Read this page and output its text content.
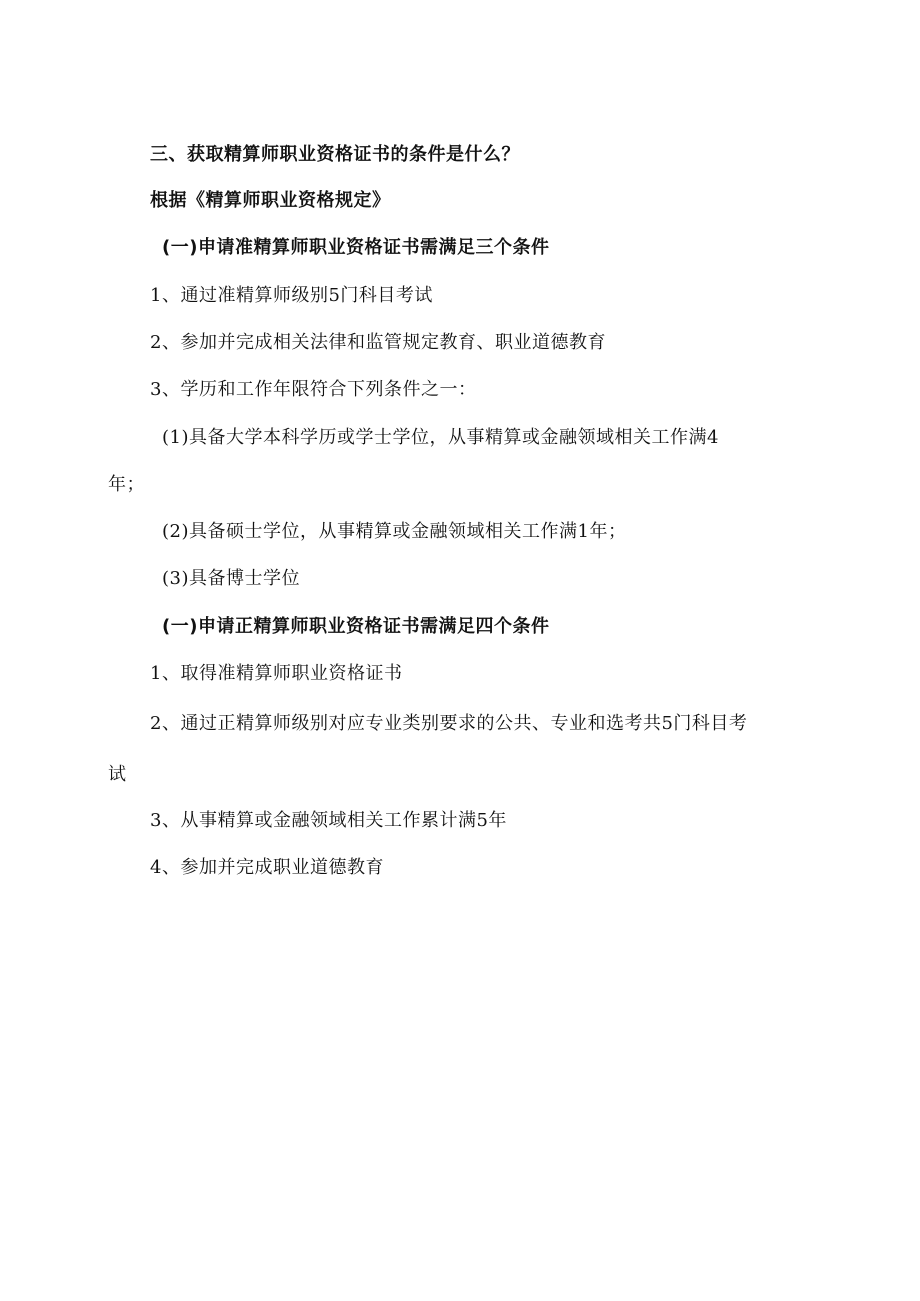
三、获取精算师职业资格证书的条件是什么？
根据《精算师职业资格规定》
(一)申请准精算师职业资格证书需满足三个条件
1、通过准精算师级别5门科目考试
2、参加并完成相关法律和监管规定教育、职业道德教育
3、学历和工作年限符合下列条件之一：
(1)具备大学本科学历或学士学位，从事精算或金融领域相关工作满4
年；
(2)具备硕士学位，从事精算或金融领域相关工作满1年；
(3)具备博士学位
(一)申请正精算师职业资格证书需满足四个条件
1、取得准精算师职业资格证书
2、通过正精算师级别对应专业类别要求的公共、专业和选考共5门科目考
试
3、从事精算或金融领域相关工作累计满5年
4、参加并完成职业道德教育
